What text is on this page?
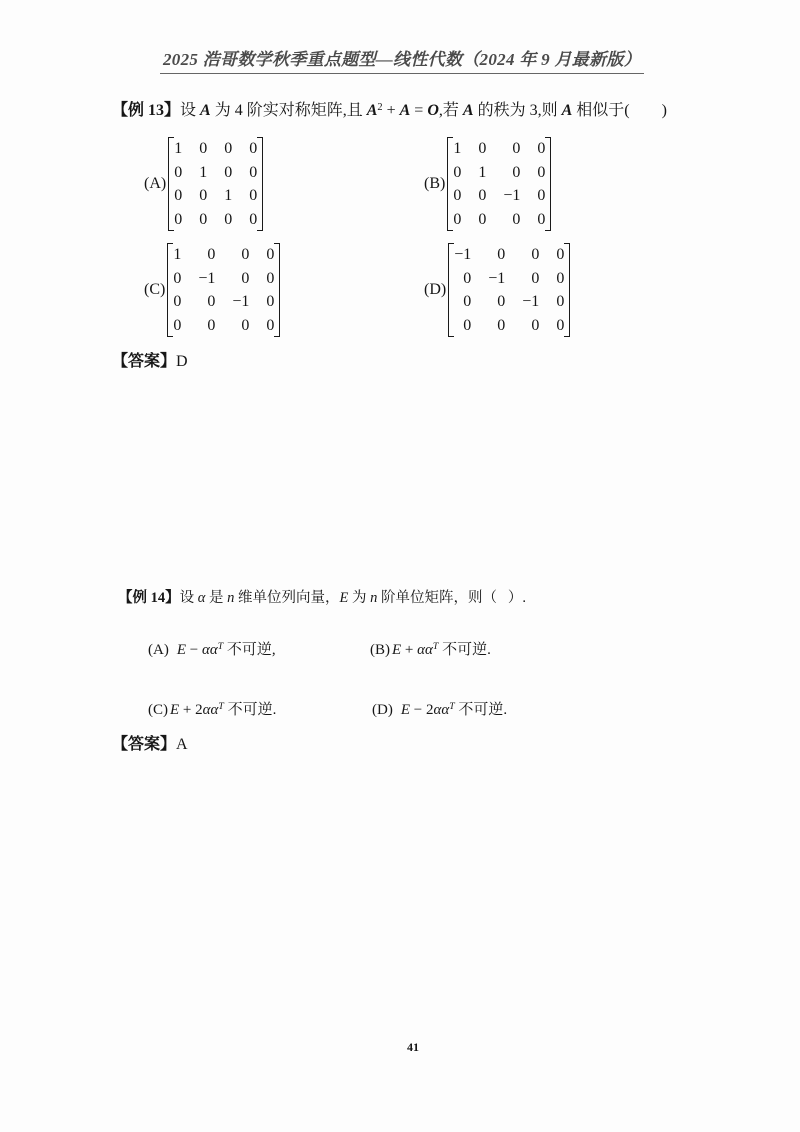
2025 浩哥数学秋季重点题型—线性代数（2024 年 9 月最新版）
【例 13】设 A 为 4 阶实对称矩阵,且 $A^2 + A = O$,若 A 的秩为 3,则 A 相似于(        )
(A)
1 0 0 0
0 1 0 0
0 0 1 0
0 0 0 0
(B)
1 0 0 0
0 1 0 0
0 0 −1 0
0 0 0 0
(C)
1 0 0 0
0 −1 0 0
0 0 −1 0
0 0 0 0
(D)
−1 0 0 0
0 −1 0 0
0 0 −1 0
0 0 0 0
【答案】D
【例 14】设 α 是 n 维单位列向量，E 为 n 阶单位矩阵，则（   ）.
(A) $E - \alpha\alpha^T$ 不可逆,	(B) $E + \alpha\alpha^T$ 不可逆.
(C) $E + 2\alpha\alpha^T$ 不可逆.	(D) $E - 2\alpha\alpha^T$ 不可逆.
【答案】A
41
